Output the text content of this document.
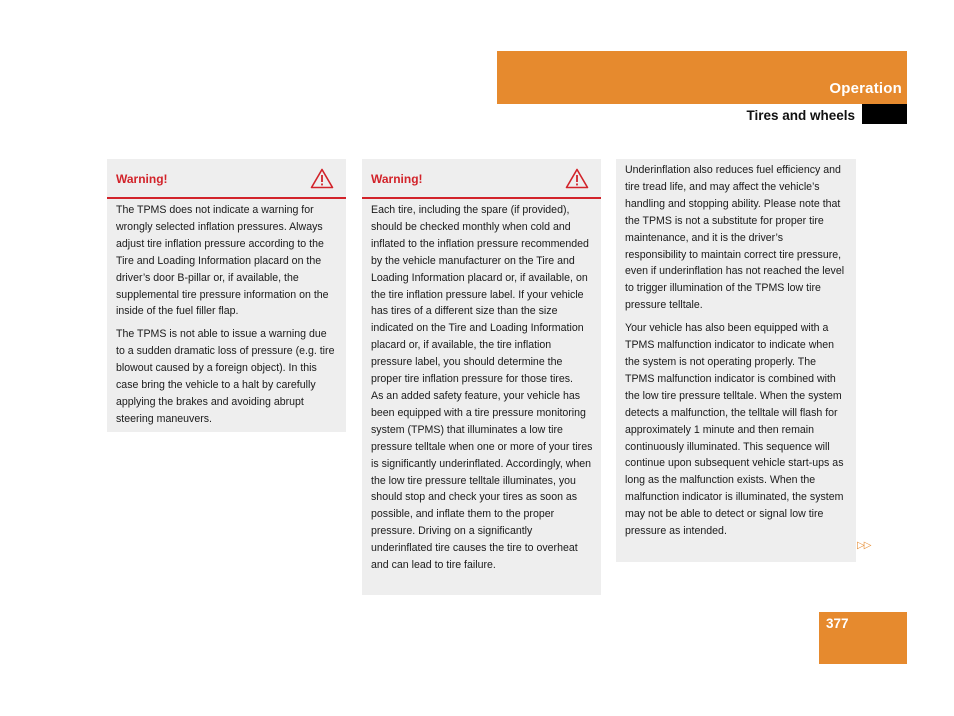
Operation
Tires and wheels
Warning!

The TPMS does not indicate a warning for wrongly selected inflation pressures. Always adjust tire inflation pressure according to the Tire and Loading Information placard on the driver’s door B-pillar or, if available, the supplemental tire pressure information on the inside of the fuel filler flap.

The TPMS is not able to issue a warning due to a sudden dramatic loss of pressure (e.g. tire blowout caused by a foreign object). In this case bring the vehicle to a halt by carefully applying the brakes and avoiding abrupt steering maneuvers.

Warning!

Each tire, including the spare (if provided), should be checked monthly when cold and inflated to the inflation pressure recommended by the vehicle manufacturer on the Tire and Loading Information placard or, if available, on the tire inflation pressure label. If your vehicle has tires of a different size than the size indicated on the Tire and Loading Information placard or, if available, the tire inflation pressure label, you should determine the proper tire inflation pressure for those tires.

As an added safety feature, your vehicle has been equipped with a tire pressure monitoring system (TPMS) that illuminates a low tire pressure telltale when one or more of your tires is significantly underinflated. Accordingly, when the low tire pressure telltale illuminates, you should stop and check your tires as soon as possible, and inflate them to the proper pressure. Driving on a significantly underinflated tire causes the tire to overheat and can lead to tire failure.

Underinflation also reduces fuel efficiency and tire tread life, and may affect the vehicle’s handling and stopping ability. Please note that the TPMS is not a substitute for proper tire maintenance, and it is the driver’s responsibility to maintain correct tire pressure, even if underinflation has not reached the level to trigger illumination of the TPMS low tire pressure telltale.

Your vehicle has also been equipped with a TPMS malfunction indicator to indicate when the system is not operating properly. The TPMS malfunction indicator is combined with the low tire pressure telltale. When the system detects a malfunction, the telltale will flash for approximately 1 minute and then remain continuously illuminated. This sequence will continue upon subsequent vehicle start-ups as long as the malfunction exists. When the malfunction indicator is illuminated, the system may not be able to detect or signal low tire pressure as intended.

▷▷
377
